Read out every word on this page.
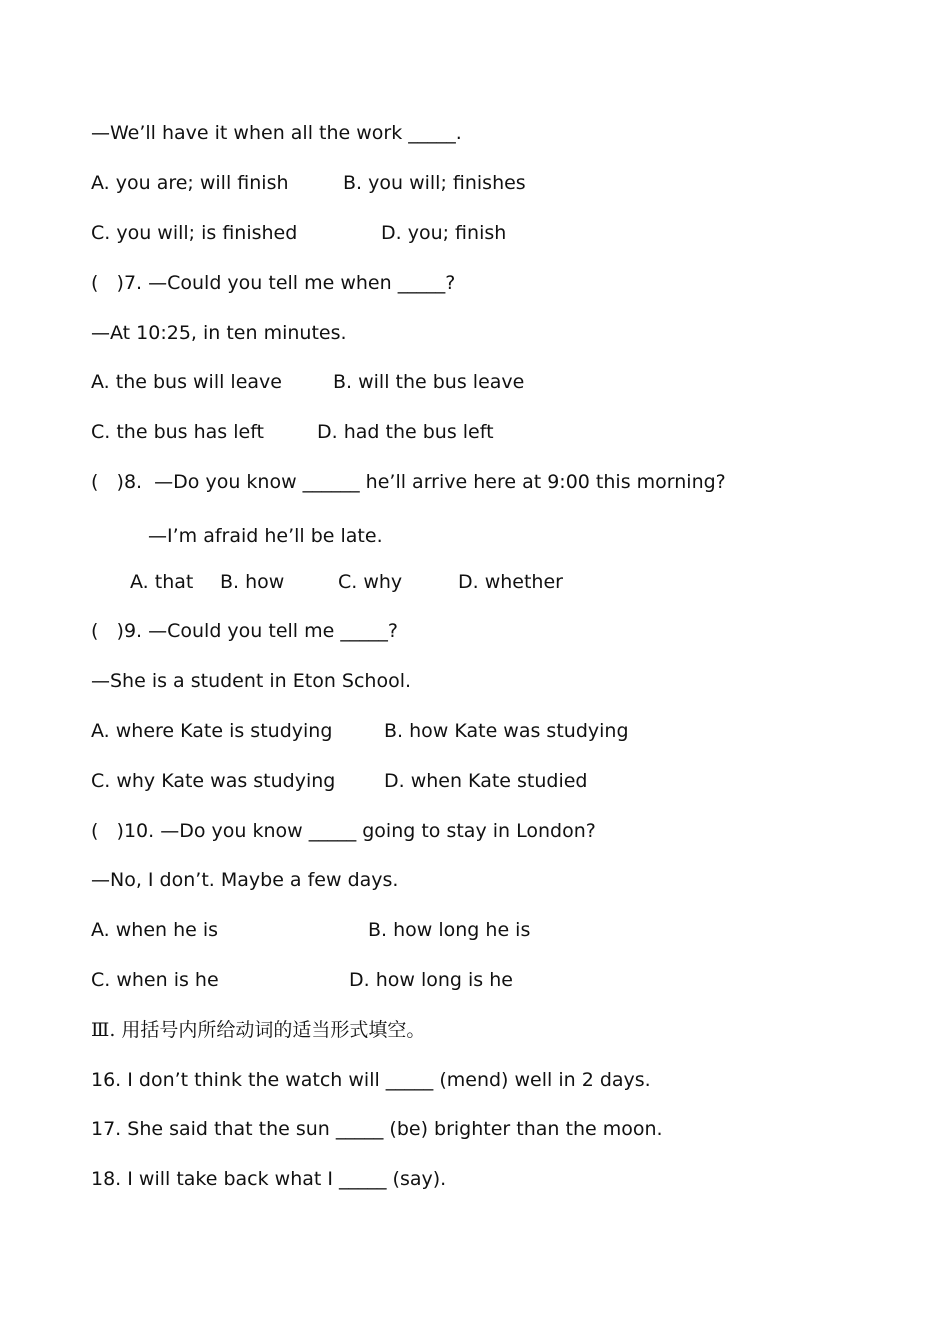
—We’ll have it when all the work _____.

A. you are; will finish	B. you will; finishes

C. you will; is finished	D. you; finish

(   )7. —Could you tell me when _____?

—At 10:25, in ten minutes.

A. the bus will leave	B. will the bus leave

C. the bus has left	D. had the bus left

(   )8.  —Do you know ______ he’ll arrive here at 9:00 this morning?

—I’m afraid he’ll be late.

A. that B. how	C. why	D. whether

(   )9. —Could you tell me _____?

—She is a student in Eton School.

A. where Kate is studying	B. how Kate was studying

C. why Kate was studying	D. when Kate studied

(   )10. —Do you know _____ going to stay in London?

—No, I don’t. Maybe a few days.

A. when he is	B. how long he is

C. when is he	D. how long is he

Ⅲ. 用括号内所给动词的适当形式填空。

16. I don’t think the watch will _____ (mend) well in 2 days.

17. She said that the sun _____ (be) brighter than the moon.

18. I will take back what I _____ (say).
